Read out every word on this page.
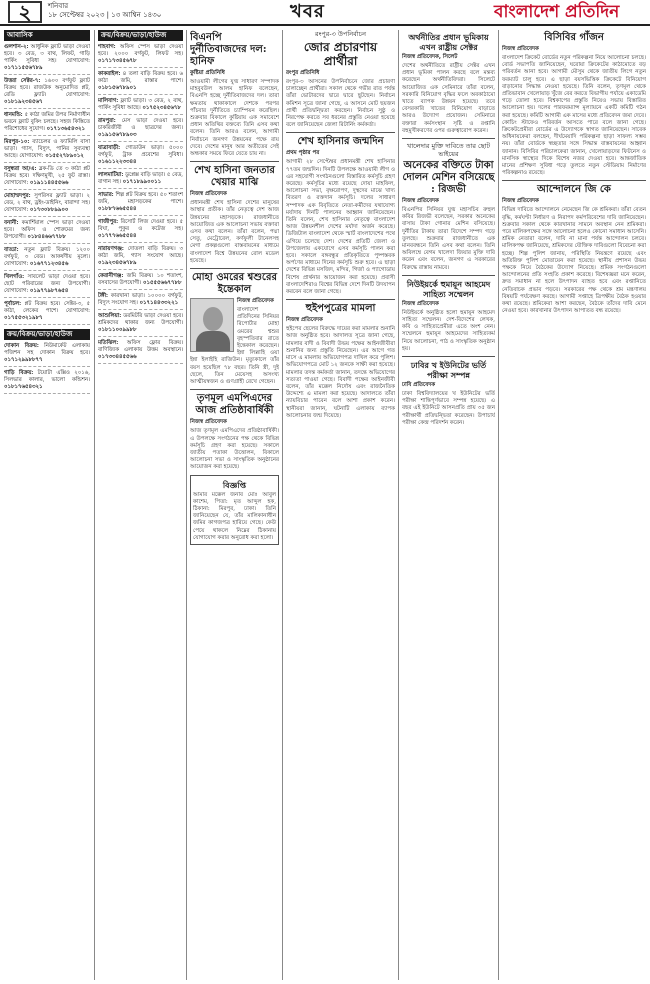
২	শনিবার
১৮ সেপ্টেম্বর ২০২৩ | ১৩ আশ্বিন ১৪৩০	খবর	বাংলাদেশ প্রতিদিন
আবাসিক
গুলশান-২: আধুনিক ফ্ল্যাট ভাড়া দেওয়া হবে। ৩ বেড, ৩ বাথ, লিফট, গাড়ি পার্কিং সুবিধা সহ। যোগাযোগ: ০১৭১১৫৫৬৭৮৯
উত্তরা সেক্টর-৭: ১৬০০ বর্গফুট ফ্ল্যাট বিক্রয় হবে। রাজউক অনুমোদিত প্লট, রেডি ফ্ল্যাট। যোগাযোগ: ০১৮১৯২৩৪৫৬৭
ধানমন্ডি: ৫ কাঠা জমির উপর নির্মাণাধীন ভবনে ফ্ল্যাট বুকিং চলছে। সহজ কিস্তিতে পরিশোধের সুযোগ। ০১৭১৩৬৫৪৩২১
মিরপুর-১০: ব্যাচেলর ও ফ্যামিলি বাসা ভাড়া। গ্যাস, বিদ্যুৎ, পানির সুব্যবস্থা আছে। যোগাযোগ: ০১৫৫২৭৮৯০১২
বসুন্ধরা আ/এ: ব্লক-ডি তে ৩ কাঠা প্লট বিক্রয় হবে। দক্ষিণমুখী, ২৫ ফুট রাস্তা। যোগাযোগ: ০১৯১১৪৪৫৫৬৬
মোহাম্মদপুর: সুপরিসর ফ্ল্যাট ভাড়া। ২ বেড, ২ বাথ, ড্রইং-ডাইনিং, বারান্দা সহ। যোগাযোগ: ০১৭৩০৮৮৯৯০০
বনানী: কমার্শিয়াল স্পেস ভাড়া দেওয়া হবে। অফিস ও শোরুমের জন্য উপযোগী। ০১৮৪৪৬৬৭৭৮৮
বাড্ডা: নতুন ফ্ল্যাট বিক্রয়। ১২০০ বর্গফুট, ৩ বেড। আকর্ষণীয় মূল্যে। যোগাযোগ: ০১৬৭৭১২৩৪৫৬
খিলগাঁও: সাবলেট ভাড়া দেওয়া হবে। ছোট পরিবারের জন্য উপযোগী। যোগাযোগ: ০১৯৭৭৯৮৭৬৫৪
পূর্বাচল: প্লট বিক্রয় হবে। সেক্টর-৩, ৫ কাঠা, লেকের পাশে। যোগাযোগ: ০১৭৫৫৩২১৯৮৭
ক্রয়/বিক্রয়/ভাড়া/হাউজ
দোকান বিক্রয়: নিউমার্কেট এলাকায় পজিশন সহ দোকান বিক্রয় হবে। ০১৭১২৯৯৮৮৭৭
গাড়ি বিক্রয়: টয়োটা এক্সিও ২০১৬, সিলভার কালার, ভালো কন্ডিশন। ০১৮১৭৬৫৪৩২১
ক্রয়/বিক্রয়/ভাড়া/হাউজ
শাহবাগ: অফিস স্পেস ভাড়া দেওয়া হবে। ২০০০ বর্গফুট, লিফট সহ। ০১৭১৭৩৪৫৬৭৮
কাকরাইল: ৪ তলা বাড়ি বিক্রয় হবে। ৬ কাঠা জমি, রাস্তার পাশে। ০১৮১৫৬৭৮৯০১
মালিবাগ: ফ্ল্যাট ভাড়া। ৩ বেড, ২ বাথ, পার্কিং সুবিধা আছে। ০১৭৫২৩৪৫৬৭৮
রামপুরা: মেস ভাড়া দেওয়া হবে। চাকরিজীবী ও ছাত্রদের জন্য। ০১৯১৫৬৭৮৯০৩
যাত্রাবাড়ী: গোডাউন ভাড়া। ৫০০০ বর্গফুট, ট্রাক প্রবেশের সুবিধা। ০১৬১১২২৩৩৪৪
লালমাটিয়া: ডুপ্লেক্স বাড়ি ভাড়া। ৫ বেড, বাগান সহ। ০১৭১৮৯৯০০১১
সাভার: শিল্প প্লট বিক্রয় হবে। ৫০ শতাংশ জমি, মহাসড়কের পাশে। ০১৮৮৭৬৬৫৫৪৪
গাজীপুর: রিসোর্ট লিজ দেওয়া হবে। ৫ বিঘা, পুকুর ও কটেজ সহ। ০১৭৭৭৬৬৫৫৪৪
নারায়ণগঞ্জ: দোতলা বাড়ি বিক্রয়। ৩ কাঠা জমি, গ্যাস সংযোগ আছে। ০১৯২৩৪৫৬৭৮৯
কেরানীগঞ্জ: জমি বিক্রয়। ১০ শতাংশ, বসবাসের উপযোগী। ০১৫৫৫৬৬৭৭৮৮
টঙ্গী: কারখানা ভাড়া। ১০০০০ বর্গফুট, বিদ্যুৎ সংযোগ সহ। ০১৭১৪৪৩৩২২১
আশুলিয়া: ডরমিটরি ভাড়া দেওয়া হবে। শ্রমিকদের থাকার জন্য উপযোগী। ০১৮১১০০৯৯৮৮
মতিঝিল: অফিস ফ্লোর বিক্রয়। বাণিজ্যিক এলাকায় উত্তম অবস্থানে। ০১৭৩৩৪৪৫৫৬৬
বিএনপি দুর্নীতিবাজদের দল: হানিফ
কুষ্টিয়া প্রতিনিধি
আওয়ামী লীগের যুগ্ম সাধারণ সম্পাদক মাহবুবউল আলম হানিফ বলেছেন, বিএনপি হচ্ছে দুর্নীতিবাজদের দল। তারা ক্ষমতায় থাকাকালে দেশকে পরপর পাঁচবার দুর্নীতিতে চ্যাম্পিয়ন করেছিল। শুক্রবার বিকালে কুষ্টিয়ায় এক সমাবেশে প্রধান অতিথির বক্তব্যে তিনি এসব কথা বলেন। তিনি আরও বলেন, আগামী নির্বাচনে জনগণ উন্নয়নের পক্ষে রায় দেবে। দেশের মানুষ আর অতীতের সেই অন্ধকার সময়ে ফিরে যেতে চায় না।
শেখ হাসিনা জনতার খেয়ার মাঝি
নিজস্ব প্রতিবেদক
প্রধানমন্ত্রী শেখ হাসিনা দেশের মানুষের আস্থার প্রতীক। তাঁর নেতৃত্বে দেশ আজ উন্নয়নের মহাসড়কে। রাজধানীতে আয়োজিত এক আলোচনা সভায় বক্তারা এসব কথা বলেন। তাঁরা বলেন, পদ্মা সেতু, মেট্রোরেল, কর্ণফুলী টানেলসহ মেগা প্রকল্পগুলো বাস্তবায়নের মাধ্যমে বাংলাদেশ বিশ্বে উন্নয়নের রোল মডেল হয়েছে।
মোহা ওমরের শ্বশুরের ইন্তেকাল
নিজস্ব প্রতিবেদক
বাংলাদেশ প্রতিদিনের সিনিয়র রিপোর্টার মোহা ওমরের শ্বশুর বৃহস্পতিবার রাতে ইন্তেকাল করেছেন। ইন্না লিল্লাহি ওয়া ইন্না ইলাইহি রাজিউন। মৃত্যুকালে তাঁর বয়স হয়েছিল ৭৮ বছর। তিনি স্ত্রী, দুই ছেলে, তিন মেয়েসহ অসংখ্য আত্মীয়স্বজন ও গুণগ্রাহী রেখে গেছেন।
তৃণমূল এমপিএদের আজ প্রতিষ্ঠাবার্ষিকী
নিজস্ব প্রতিবেদক
আজ তৃণমূল এমপিএদের প্রতিষ্ঠাবার্ষিকী। এ উপলক্ষে সংগঠনের পক্ষ থেকে বিভিন্ন কর্মসূচি গ্রহণ করা হয়েছে। সকালে জাতীয় পতাকা উত্তোলন, বিকালে আলোচনা সভা ও সাংস্কৃতিক অনুষ্ঠানের আয়োজন করা হয়েছে।
বিজ্ঞপ্তি
আমার মক্কেল জনাব মোঃ আবুল কাশেম, পিতা: মৃত আব্দুল হক, ঠিকানা: মিরপুর, ঢাকা। তিনি জানিয়েছেন যে, তাঁর মালিকানাধীন জমির কাগজপত্র হারিয়ে গেছে। কেউ পেয়ে থাকলে নিম্নের ঠিকানায় যোগাযোগ করার অনুরোধ করা হলো।
রংপুর-৩ উপনির্বাচন
জোর প্রচারণায় প্রার্থীরা
রংপুর প্রতিনিধি
রংপুর-৩ আসনের উপনির্বাচনে জোর প্রচারণা চালাচ্ছেন প্রার্থীরা। সকাল থেকে গভীর রাত পর্যন্ত তাঁরা ভোটারদের দ্বারে দ্বারে ছুটছেন। নির্বাচন কমিশন সূত্রে জানা গেছে, এ আসনে মোট ছয়জন প্রার্থী প্রতিদ্বন্দ্বিতা করছেন। নির্বাচন সুষ্ঠু ও নিরপেক্ষ করতে সব ধরনের প্রস্তুতি নেওয়া হয়েছে বলে জানিয়েছেন জেলা রিটার্নিং কর্মকর্তা।
শেখ হাসিনার জন্মদিন
প্রথম পৃষ্ঠার পর
আগামী ২৮ সেপ্টেম্বর প্রধানমন্ত্রী শেখ হাসিনার ৭৭তম জন্মদিন। দিনটি উপলক্ষে আওয়ামী লীগ ও এর সহযোগী সংগঠনগুলো বিস্তারিত কর্মসূচি গ্রহণ করেছে। কর্মসূচির মধ্যে রয়েছে দোয়া মাহফিল, আলোচনা সভা, বৃক্ষরোপণ, দুস্থদের মাঝে খাদ্য বিতরণ ও রক্তদান কর্মসূচি। দলের সাধারণ সম্পাদক এক বিবৃতিতে নেতা-কর্মীদের যথাযোগ্য মর্যাদায় দিনটি পালনের আহ্বান জানিয়েছেন। তিনি বলেন, শেখ হাসিনার নেতৃত্বে বাংলাদেশ আজ উন্নয়নশীল দেশের মর্যাদা অর্জন করেছে। ডিজিটাল বাংলাদেশ থেকে স্মার্ট বাংলাদেশের পথে এগিয়ে চলেছে দেশ। দেশের প্রতিটি জেলা ও উপজেলায় একযোগে এসব কর্মসূচি পালন করা হবে। সকালে বঙ্গবন্ধুর প্রতিকৃতিতে পুষ্পস্তবক অর্পণের মাধ্যমে দিনের কর্মসূচি শুরু হবে। এ ছাড়া দেশের বিভিন্ন মসজিদ, মন্দির, গির্জা ও প্যাগোডায় বিশেষ প্রার্থনার আয়োজন করা হয়েছে। প্রবাসী বাংলাদেশিরাও বিশ্বের বিভিন্ন দেশে দিনটি উদযাপন করবেন বলে জানা গেছে।
হুইপপুত্রের মামলা
নিজস্ব প্রতিবেদক
হুইপের ছেলের বিরুদ্ধে দায়ের করা মামলার শুনানি আজ অনুষ্ঠিত হবে। আদালত সূত্রে জানা গেছে, মামলার বাদী ও বিবাদী উভয় পক্ষের আইনজীবীরা শুনানির জন্য প্রস্তুতি নিয়েছেন। এর আগে গত মাসে এ মামলায় অভিযোগপত্র দাখিল করে পুলিশ। অভিযোগপত্রে মোট ১২ জনকে সাক্ষী করা হয়েছে। মামলার তদন্ত কর্মকর্তা জানান, তদন্তে অভিযোগের সত্যতা পাওয়া গেছে। বিবাদী পক্ষের আইনজীবী বলেন, তাঁর মক্কেল নির্দোষ এবং রাজনৈতিক উদ্দেশ্যে এ মামলা করা হয়েছে। আদালতে তাঁরা ন্যায়বিচার পাবেন বলে আশা প্রকাশ করেন। স্থানীয়রা জানান, ঘটনাটি এলাকায় ব্যাপক আলোচনার জন্ম দিয়েছে।
অর্থনীতির প্রধান ভূমিকায় এখন রাষ্ট্রীয় সেক্টর
নিজস্ব প্রতিবেদক, সিলেট
দেশের অর্থনীতিতে রাষ্ট্রীয় সেক্টর এখন প্রধান ভূমিকা পালন করছে বলে মন্তব্য করেছেন অর্থনীতিবিদরা। সিলেটে আয়োজিত এক সেমিনারে তাঁরা বলেন, সরকারি বিনিয়োগ বৃদ্ধির ফলে অবকাঠামো খাতে ব্যাপক উন্নয়ন হয়েছে। তবে বেসরকারি খাতের বিনিয়োগ বাড়াতে আরও উদ্যোগ প্রয়োজন। সেমিনারে বক্তারা কর্মসংস্থান সৃষ্টি ও রপ্তানি বহুমুখীকরণের ওপর গুরুত্বারোপ করেন।
খালেদার মুক্তি দাবিতে তার ছোট ভাইয়ের
অনেকের বক্তিতে টাকা দোলন মেশিন বসিয়েছে : রিজভী
নিজস্ব প্রতিবেদক
বিএনপির সিনিয়র যুগ্ম মহাসচিব রুহুল কবির রিজভী বলেছেন, সরকার অনেকের বাসায় টাকা গোনার মেশিন বসিয়েছে। দুর্নীতির টাকায় তারা বিদেশে সম্পদ গড়ে তুলছে। শুক্রবার রাজধানীতে এক মানববন্ধনে তিনি এসব কথা বলেন। তিনি অবিলম্বে বেগম খালেদা জিয়ার মুক্তি দাবি করেন এবং বলেন, জনগণ এ সরকারের বিরুদ্ধে রাস্তায় নামবে।
নিউইয়র্কে হুমায়ূন আহমেদ সাহিত্য সম্মেলন
নিজস্ব প্রতিবেদক
নিউইয়র্কে অনুষ্ঠিত হলো হুমায়ূন আহমেদ সাহিত্য সম্মেলন। দেশ-বিদেশের লেখক, কবি ও সাহিত্যপ্রেমীরা এতে অংশ নেন। সম্মেলনে হুমায়ূন আহমেদের সাহিত্যকর্ম নিয়ে আলোচনা, পাঠ ও সাংস্কৃতিক অনুষ্ঠান হয়।
ঢাবির খ ইউনিটের ভর্তি পরীক্ষা সম্পন্ন
ঢাবি প্রতিবেদক
ঢাকা বিশ্ববিদ্যালয়ের খ ইউনিটের ভর্তি পরীক্ষা শান্তিপূর্ণভাবে সম্পন্ন হয়েছে। এ বছর এই ইউনিটে আসনপ্রতি প্রায় ৩৫ জন পরীক্ষার্থী প্রতিদ্বন্দ্বিতা করেছেন। উপাচার্য পরীক্ষা কেন্দ্র পরিদর্শন করেন।
বিসিবির গাঁজন
নিজস্ব প্রতিবেদক
বাংলাদেশ ক্রিকেট বোর্ডের নতুন পরিকল্পনা নিয়ে আলোচনা চলছে। বোর্ড সভাপতি জানিয়েছেন, ঘরোয়া ক্রিকেটের কাঠামোতে বড় পরিবর্তন আনা হবে। আগামী মৌসুম থেকে জাতীয় লিগে নতুন ফরম্যাট চালু হবে। এ ছাড়া বয়সভিত্তিক ক্রিকেটে বিনিয়োগ বাড়ানোর সিদ্ধান্ত নেওয়া হয়েছে। তিনি বলেন, তৃণমূল থেকে প্রতিভাবান খেলোয়াড় খুঁজে বের করতে বিভাগীয় পর্যায়ে একাডেমি গড়ে তোলা হবে। বিশ্বকাপের প্রস্তুতি নিয়েও সভায় বিস্তারিত আলোচনা হয়। দলের পারফরম্যান্স মূল্যায়নে একটি কমিটি গঠন করা হয়েছে। কমিটি আগামী এক মাসের মধ্যে প্রতিবেদন জমা দেবে। কোচিং স্টাফেও পরিবর্তন আসতে পারে বলে জানা গেছে। ক্রিকেটপ্রেমীরা বোর্ডের এ উদ্যোগকে স্বাগত জানিয়েছেন। সাবেক অধিনায়কেরা বলছেন, দীর্ঘমেয়াদি পরিকল্পনা ছাড়া সাফল্য সম্ভব নয়। তাঁরা বোর্ডকে স্বচ্ছতার সঙ্গে সিদ্ধান্ত বাস্তবায়নের আহ্বান জানান। বিসিবির পরিচালকেরা জানান, খেলোয়াড়দের ফিটনেস ও মানসিক স্বাস্থ্যের দিকে বিশেষ নজর দেওয়া হবে। আন্তর্জাতিক মানের প্রশিক্ষণ সুবিধা গড়ে তুলতে নতুন স্টেডিয়াম নির্মাণের পরিকল্পনাও রয়েছে।
আন্দোলনে জি কে
নিজস্ব প্রতিবেদক
বিভিন্ন দাবিতে আন্দোলনে নেমেছেন জি কে শ্রমিকরা। তাঁরা বেতন বৃদ্ধি, কর্মঘণ্টা নির্ধারণ ও নিরাপদ কর্মপরিবেশের দাবি জানিয়েছেন। শুক্রবার সকাল থেকে কারখানার সামনে অবস্থান নেন শ্রমিকরা। পরে মালিকপক্ষের সঙ্গে আলোচনা হলেও কোনো সমাধান আসেনি। শ্রমিক নেতারা বলেন, দাবি না মানা পর্যন্ত আন্দোলন চলবে। মালিকপক্ষ জানিয়েছে, শ্রমিকদের যৌক্তিক দাবিগুলো বিবেচনা করা হচ্ছে। শিল্প পুলিশ জানায়, পরিস্থিতি নিয়ন্ত্রণে রয়েছে এবং অতিরিক্ত পুলিশ মোতায়েন করা হয়েছে। স্থানীয় প্রশাসন উভয় পক্ষকে নিয়ে বৈঠকের উদ্যোগ নিয়েছে। শ্রমিক সংগঠনগুলো আন্দোলনের প্রতি সংহতি প্রকাশ করেছে। বিশেষজ্ঞরা মনে করেন, দ্রুত সমাধান না হলে উৎপাদন ব্যাহত হবে এবং রপ্তানিতে নেতিবাচক প্রভাব পড়বে। সরকারের পক্ষ থেকে শ্রম মন্ত্রণালয় বিষয়টি পর্যবেক্ষণ করছে। আগামী সপ্তাহে ত্রিপক্ষীয় বৈঠক হওয়ার কথা রয়েছে। শ্রমিকেরা আশা করছেন, বৈঠকে তাঁদের দাবি মেনে নেওয়া হবে। কারখানার উৎপাদন আপাতত বন্ধ রয়েছে।
